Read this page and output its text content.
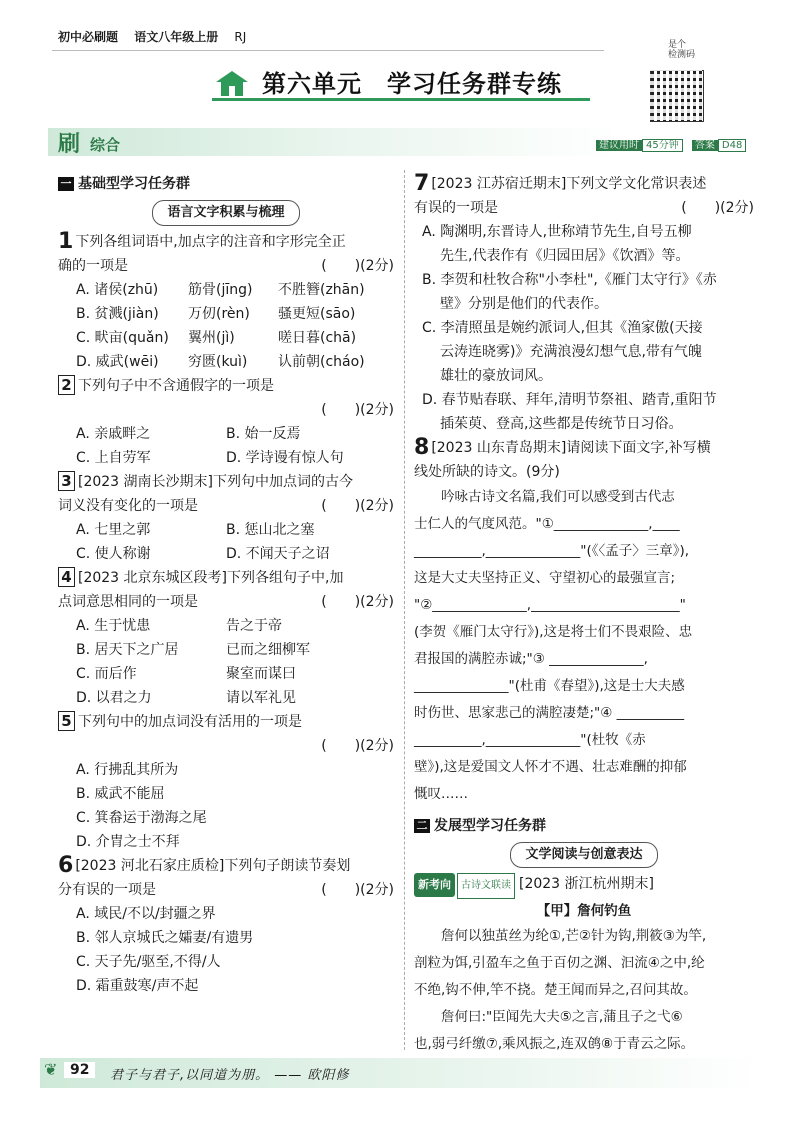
初中必刷题 语文八年级上册 RJ
第六单元　学习任务群专练
是个
检测码
刷 综合	建议用时 45分钟 答案 D48
一 基础型学习任务群
语言文字积累与梳理

1 下列各组词语中,加点字的注音和字形完全正

确的一项是	(　　)(2分)

A. 诸侯(zhū)	筋骨(jīng)	不胜簪(zhān)
B. 贫溅(jiàn)	万仞(rèn)	骚更短(sāo)
C. 畎亩(quǎn)	翼州(jì)	嗟日暮(chā)
D. 威武(wēi)	穷匮(kuì)	认前朝(cháo)

2 下列句子中不含通假字的一项是

(　　)(2分)

A. 亲戚畔之	B. 始一反焉
C. 上自劳军	D. 学诗谩有惊人句

3 [2023 湖南长沙期末]下列句中加点词的古今

词义没有变化的一项是	(　　)(2分)

A. 七里之郭	B. 惩山北之塞
C. 使人称谢	D. 不闻天子之诏

4 [2023 北京东城区段考]下列各组句子中,加

点词意思相同的一项是	(　　)(2分)

A. 生于忧患	告之于帝
B. 居天下之广居	已而之细柳军
C. 而后作	聚室而谋曰
D. 以君之力	请以军礼见

5 下列句中的加点词没有活用的一项是

(　　)(2分)

A. 行拂乱其所为

B. 威武不能屈

C. 箕畚运于渤海之尾

D. 介胄之士不拜

6 [2023 河北石家庄质检]下列句子朗读节奏划

分有误的一项是	(　　)(2分)

A. 域民/不以/封疆之界

B. 邻人京城氏之孀妻/有遗男

C. 天子先/驱至,不得/人

D. 霜重鼓寒/声不起

7 [2023 江苏宿迁期末]下列文学文化常识表述

有误的一项是	(　　)(2分)

A. 陶渊明,东晋诗人,世称靖节先生,自号五柳

先生,代表作有《归园田居》《饮酒》等。

B. 李贺和杜牧合称"小李杜",《雁门太守行》《赤

壁》分别是他们的代表作。

C. 李清照虽是婉约派词人,但其《渔家傲(天接

云涛连晓雾)》充满浪漫幻想气息,带有气魄

雄壮的豪放词风。

D. 春节贴春联、拜年,清明节祭祖、踏青,重阳节

插茱萸、登高,这些都是传统节日习俗。

8 [2023 山东青岛期末]请阅读下面文字,补写横

线处所缺的诗文。(9分)

吟咏古诗文名篇,我们可以感受到古代志

士仁人的气度风范。"①______________,____

__________,______________"(《〈孟子〉三章》),

这是大丈夫坚持正义、守望初心的最强宣言;

"②______________,______________________"

(李贺《雁门太守行》),这是将士们不畏艰险、忠

君报国的满腔赤诚;"③ ______________,

______________"(杜甫《春望》),这是士大夫感

时伤世、思家悲己的满腔凄楚;"④ __________

__________,______________"(杜牧《赤

壁》),这是爱国文人怀才不遇、壮志难酬的抑郁

慨叹……

二 发展型学习任务群
文学阅读与创意表达

新考向 古诗文联读 [2023 浙江杭州期末]

【甲】詹何钓鱼

詹何以独茧丝为纶①,芒②针为钩,荆筱③为竿,

剖粒为饵,引盈车之鱼于百仞之渊、汩流④之中,纶

不绝,钩不伸,竿不挠。楚王闻而异之,召问其故。

詹何曰:"臣闻先大夫⑤之言,蒲且子之弋⑥

也,弱弓纤缴⑦,乘风振之,连双鸧⑧于青云之际。

❦ 92	君子与君子,以同道为朋。 —— 欧阳修
